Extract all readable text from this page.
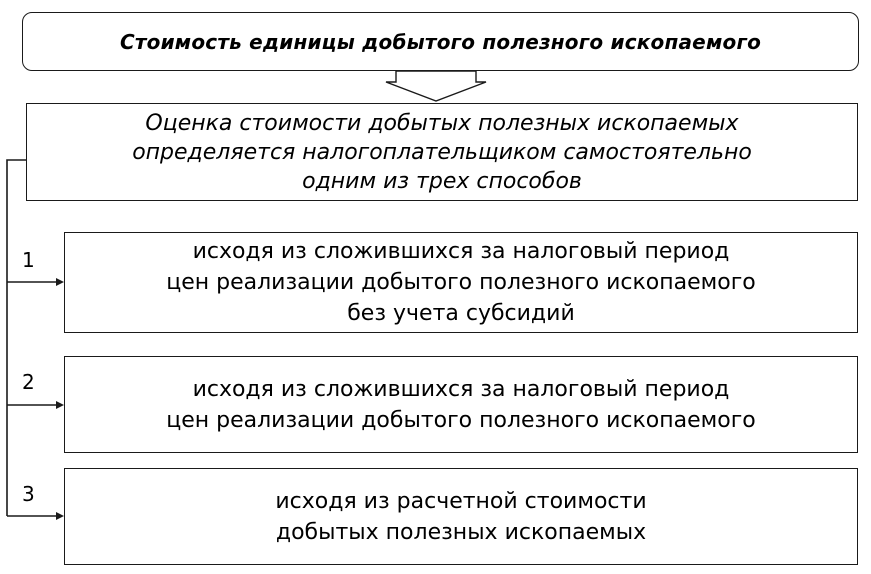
Стоимость единицы добытого полезного ископаемого
Оценка стоимости добытых полезных ископаемых
определяется налогоплательщиком самостоятельно
одним из трех способов
1
2
3
исходя из сложившихся за налоговый период
цен реализации добытого полезного ископаемого
без учета субсидий
исходя из сложившихся за налоговый период
цен реализации добытого полезного ископаемого
исходя из расчетной стоимости
добытых полезных ископаемых
